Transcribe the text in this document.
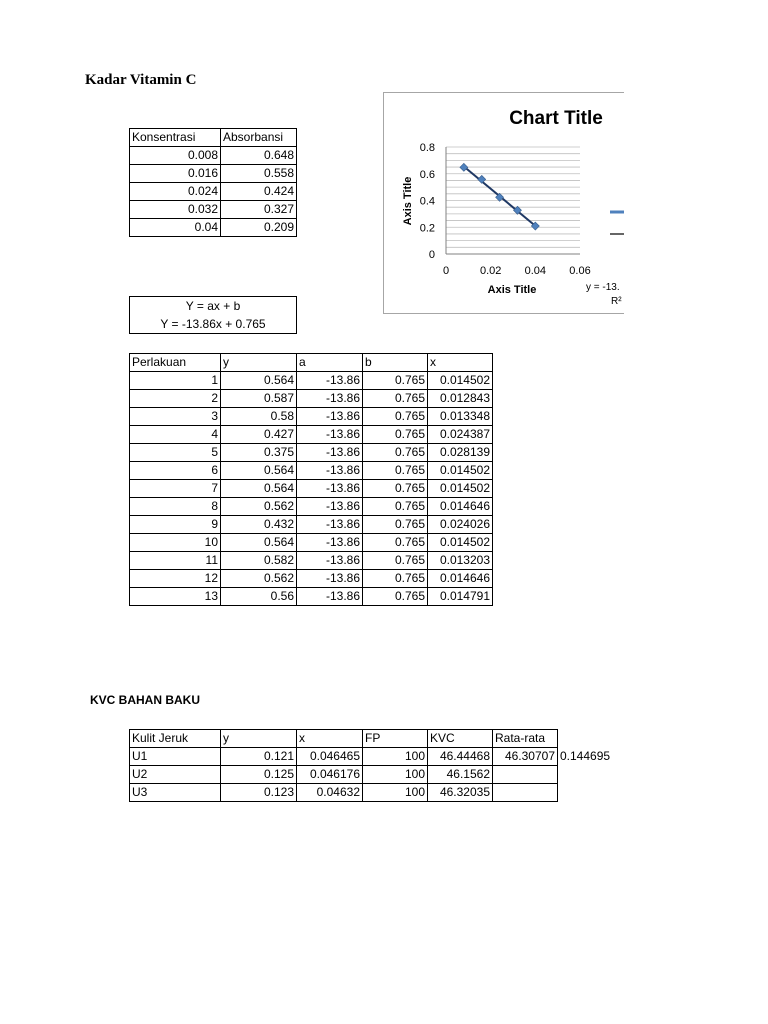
Kadar Vitamin C
Konsentrasi	Absorbansi
0.008	0.648
0.016	0.558
0.024	0.424
0.032	0.327
0.04	0.209
Y = ax + b
Y = -13.86x + 0.765
Chart Title
0
0.2
0.4
0.6
0.8
0	0.02 0.04 0.06
Axis Title
Axis Title
y = -13.
R²
Perlakuan	y	a	b	x
1	0.564	-13.86	0.765	0.014502
2	0.587	-13.86	0.765	0.012843
3	0.58	-13.86	0.765	0.013348
4	0.427	-13.86	0.765	0.024387
5	0.375	-13.86	0.765	0.028139
6	0.564	-13.86	0.765	0.014502
7	0.564	-13.86	0.765	0.014502
8	0.562	-13.86	0.765	0.014646
9	0.432	-13.86	0.765	0.024026
10	0.564	-13.86	0.765	0.014502
11	0.582	-13.86	0.765	0.013203
12	0.562	-13.86	0.765	0.014646
13	0.56	-13.86	0.765	0.014791
KVC BAHAN BAKU
Kulit Jeruk	y	x	FP	KVC	Rata-rata	
U1	0.121	0.046465	100	46.44468	46.30707	0.144695
U2	0.125	0.046176	100	46.1562		
U3	0.123	0.04632	100	46.32035		
